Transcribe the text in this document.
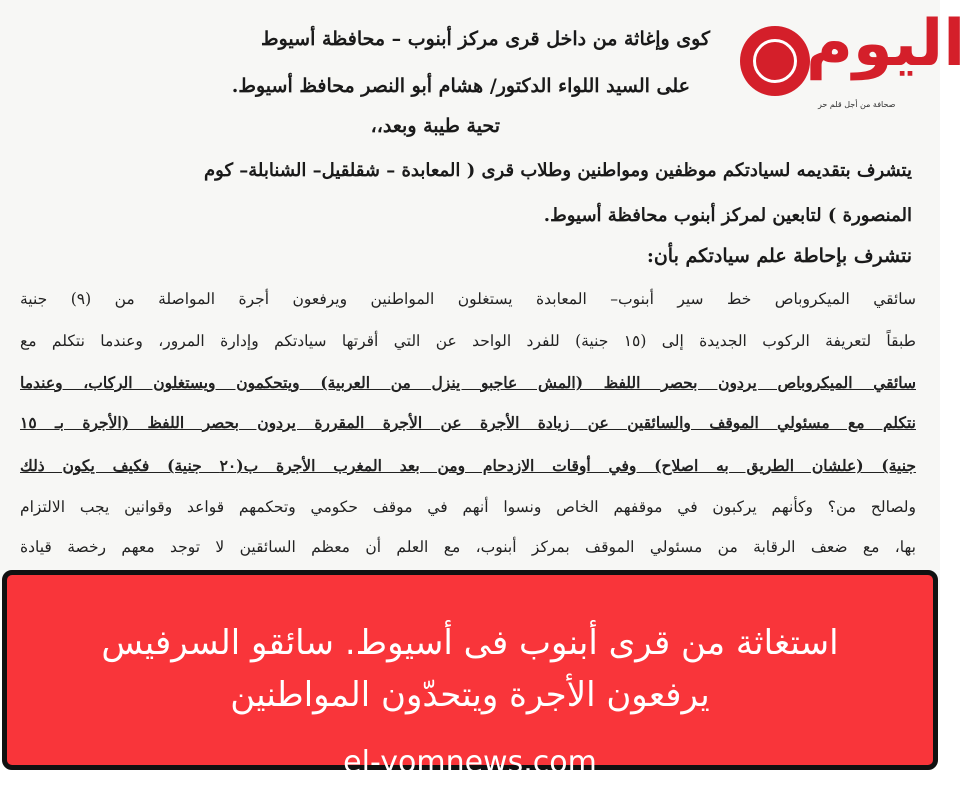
كوى وإغاثة من داخل قرى مركز أبنوب – محافظة أسيوط
على السيد اللواء الدكتور/ هشام أبو النصر محافظ أسيوط.
تحية طيبة وبعد،،
يتشرف بتقديمه لسيادتكم موظفين ومواطنين وطلاب قرى ( المعابدة – شقلقيل– الشنابلة– كوم
المنصورة ) لتابعين لمركز أبنوب محافظة أسيوط.
نتشرف بإحاطة علم سيادتكم بأن:
سائقي الميكروباص خط سير أبنوب– المعابدة يستغلون المواطنين ويرفعون أجرة المواصلة من (٩) جنية
طبقاً لتعريفة الركوب الجديدة إلى (١٥ جنية) للفرد الواحد عن التي أقرتها سيادتكم وإدارة المرور، وعندما نتكلم مع
سائقي الميكروباص يردون بحصر اللفظ (المش عاجبو ينزل من العربية) ويتحكمون ويستغلون الركاب، وعندما
نتكلم مع مسئولي الموقف والسائقين عن زيادة الأجرة عن الأجرة المقررة يردون بحصر اللفظ (الأجرة بـ ١٥
جنية) (علشان الطريق به اصلاح) وفي أوقات الازدحام ومن بعد المغرب الأجرة ب(٢٠ جنية) فكيف يكون ذلك
ولصالح من؟ وكأنهم يركبون في موقفهم الخاص ونسوا أنهم في موقف حكومي وتحكمهم قواعد وقوانين يجب الالتزام
بها، مع ضعف الرقابة من مسئولي الموقف بمركز أبنوب، مع العلم أن معظم السائقين لا توجد معهم رخصة قيادة
اليوم
صحافة من أجل قلم حر
استغاثة من قرى أبنوب فى أسيوط. سائقو السرفيس
يرفعون الأجرة ويتحدّون المواطنين
el-yomnews.com
